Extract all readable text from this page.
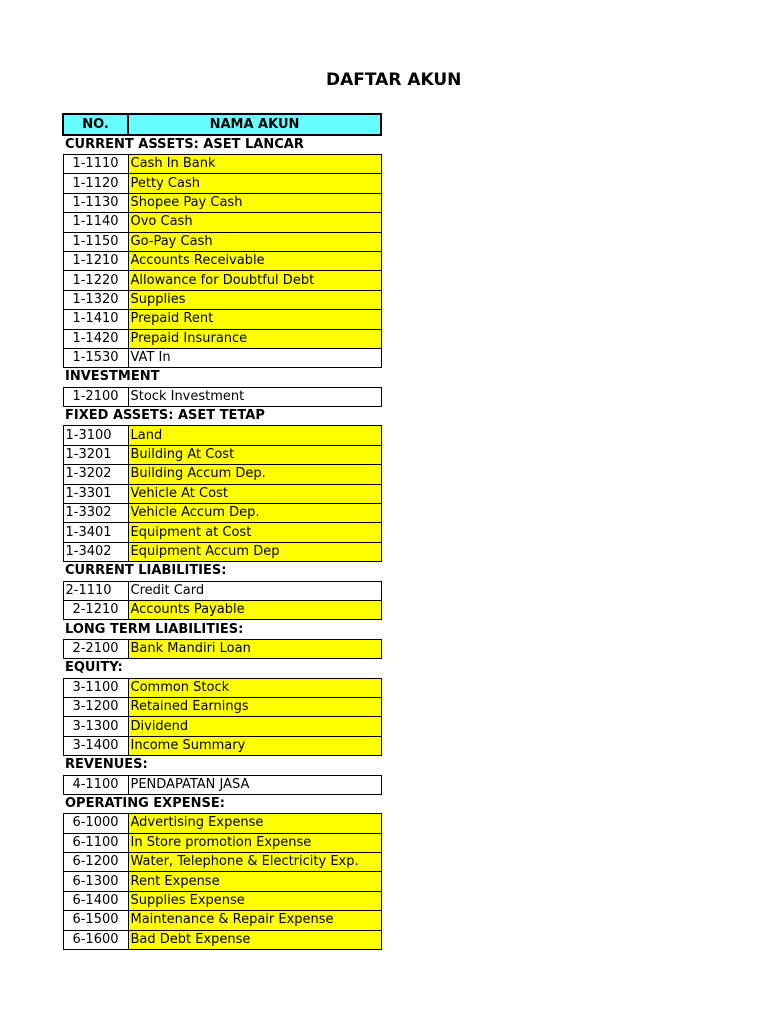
DAFTAR AKUN
NO.	NAMA AKUN
CURRENT ASSETS: ASET LANCAR	
1-1110	Cash In Bank
1-1120	Petty Cash
1-1130	Shopee Pay Cash
1-1140	Ovo Cash
1-1150	Go-Pay Cash
1-1210	Accounts Receivable
1-1220	Allowance for Doubtful Debt
1-1320	Supplies
1-1410	Prepaid Rent
1-1420	Prepaid Insurance
1-1530	VAT In
INVESTMENT	
1-2100	Stock Investment
FIXED ASSETS: ASET TETAP	
1-3100	Land
1-3201	Building At Cost
1-3202	Building Accum Dep.
1-3301	Vehicle At Cost
1-3302	Vehicle Accum Dep.
1-3401	Equipment at Cost
1-3402	Equipment Accum Dep
CURRENT LIABILITIES:	
2-1110	Credit Card
2-1210	Accounts Payable
LONG TERM LIABILITIES:	
2-2100	Bank Mandiri Loan
EQUITY:	
3-1100	Common Stock
3-1200	Retained Earnings
3-1300	Dividend
3-1400	Income Summary
REVENUES:	
4-1100	PENDAPATAN JASA
OPERATING EXPENSE:	
6-1000	Advertising Expense
6-1100	In Store promotion Expense
6-1200	Water, Telephone & Electricity Exp.
6-1300	Rent Expense
6-1400	Supplies Expense
6-1500	Maintenance & Repair Expense
6-1600	Bad Debt Expense
